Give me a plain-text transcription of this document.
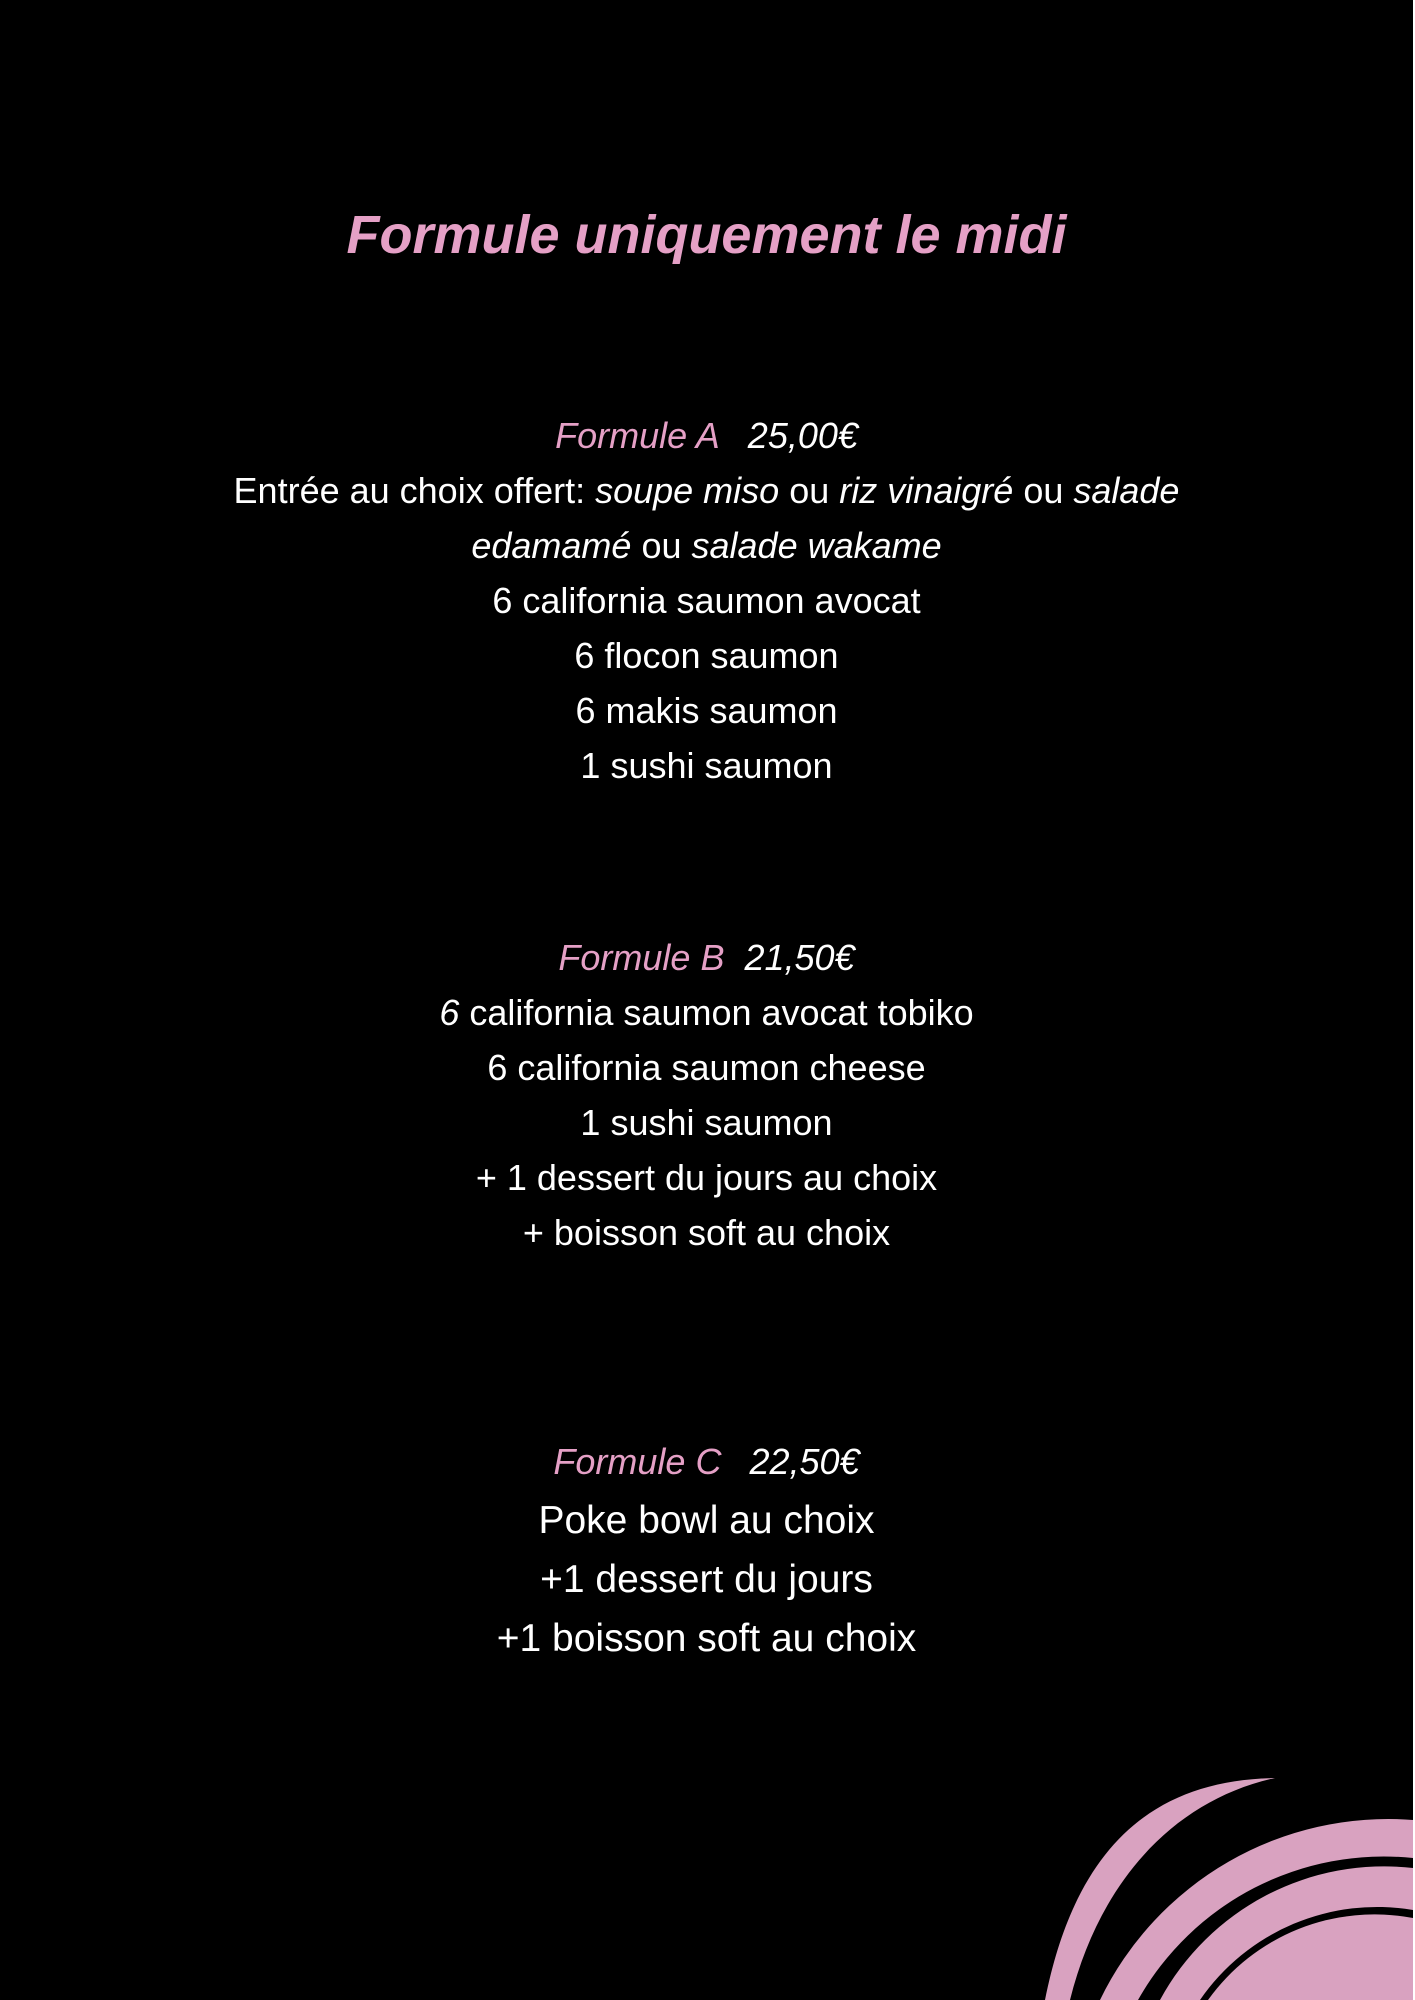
Formule uniquement le midi
Formule A 25,00€
Entrée au choix offert: soupe miso ou riz vinaigré ou salade
edamamé ou salade wakame
6 california saumon avocat
6 flocon saumon
6 makis saumon
1 sushi saumon
Formule B 21,50€
6 california saumon avocat tobiko
6 california saumon cheese
1 sushi saumon
+ 1 dessert du jours au choix
+ boisson soft au choix
Formule C 22,50€
Poke bowl au choix
+1 dessert du jours
+1 boisson soft au choix
